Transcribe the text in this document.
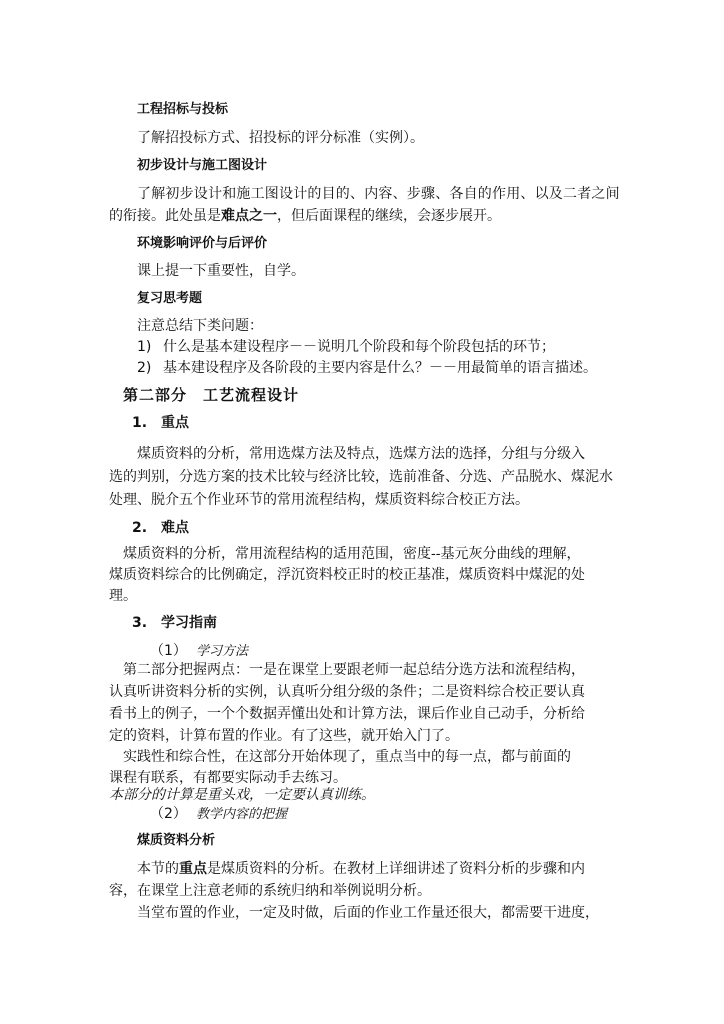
工程招标与投标
了解招投标方式、招投标的评分标准（实例）。
初步设计与施工图设计
了解初步设计和施工图设计的目的、内容、步骤、各自的作用、以及二者之间
的衔接。此处虽是难点之一，但后面课程的继续，会逐步展开。
环境影响评价与后评价
课上提一下重要性，自学。
复习思考题
注意总结下类问题：
1) 什么是基本建设程序－－说明几个阶段和每个阶段包括的环节；
2) 基本建设程序及各阶段的主要内容是什么？－－用最简单的语言描述。
第二部分　工艺流程设计
1.　重点
煤质资料的分析，常用选煤方法及特点，选煤方法的选择，分组与分级入
选的判别，分选方案的技术比较与经济比较，选前准备、分选、产品脱水、煤泥水
处理、脱介五个作业环节的常用流程结构，煤质资料综合校正方法。
2.　难点
煤质资料的分析，常用流程结构的适用范围，密度--基元灰分曲线的理解，
煤质资料综合的比例确定，浮沉资料校正时的校正基准，煤质资料中煤泥的处
理。
3.　学习指南
（1） 学习方法
第二部分把握两点：一是在课堂上要跟老师一起总结分选方法和流程结构，
认真听讲资料分析的实例，认真听分组分级的条件；二是资料综合校正要认真
看书上的例子，一个个数据弄懂出处和计算方法，课后作业自己动手，分析给
定的资料，计算布置的作业。有了这些，就开始入门了。
实践性和综合性，在这部分开始体现了，重点当中的每一点，都与前面的
课程有联系，有都要实际动手去练习。
本部分的计算是重头戏，一定要认真训练。
（2） 教学内容的把握
煤质资料分析
本节的重点是煤质资料的分析。在教材上详细讲述了资料分析的步骤和内
容，在课堂上注意老师的系统归纳和举例说明分析。
当堂布置的作业，一定及时做，后面的作业工作量还很大，都需要干进度，
